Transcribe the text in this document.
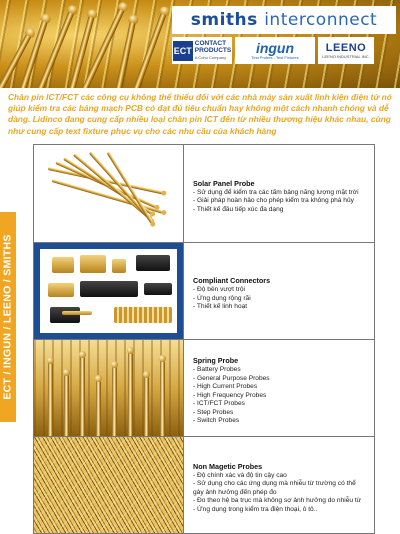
smiths interconnect
ECT
CONTACT
PRODUCTS
A Cohu Company
ingun
Test Probes - Test Fixtures
LEENO
LEENO INDUSTRIAL INC.

Chân pin ICT/FCT các công cụ không thể thiếu đối với các nhà máy sản xuất linh kiện điện tử nó giúp kiểm tra các bảng mạch PCB có đạt đủ tiêu chuẩn hay không một cách nhanh chóng và dễ dàng. Lidinco đang cung cấp nhiều loại chân pin ICT đến từ nhiều thương hiệu khác nhau, cùng như cung cấp text fixture phục vụ cho các nhu cầu của khách hàng

ECT / INGUN / LEENO / SMITHS
Solar Panel Probe
- Sử dụng để kiểm tra các tấm bảng năng lượng mặt trời
- Giải pháp hoàn hảo cho phép kiểm tra không phá hủy
- Thiết kế đầu tiếp xúc đa dạng
Compliant Connectors
- Độ bền vượt trội
- Ứng dụng rộng rãi
- Thiết kế linh hoạt
Spring Probe
- Battery Probes
- General Purpose Probes
- High Current Probes
- High Frequency Probes
- ICT/FCT Probes
- Step Probes
- Switch Probes
Non Magetic Probes
- Độ chính xác và độ tin cậy cao
- Sử dụng cho các ứng dụng mà nhiễu từ trường có thể gây ảnh hưởng đến phép đo
- Đo theo hệ ba trục mà không sợ ảnh hưởng do nhiễu từ
- Ứng dụng trong kiểm tra điện thoại, ô tô..
